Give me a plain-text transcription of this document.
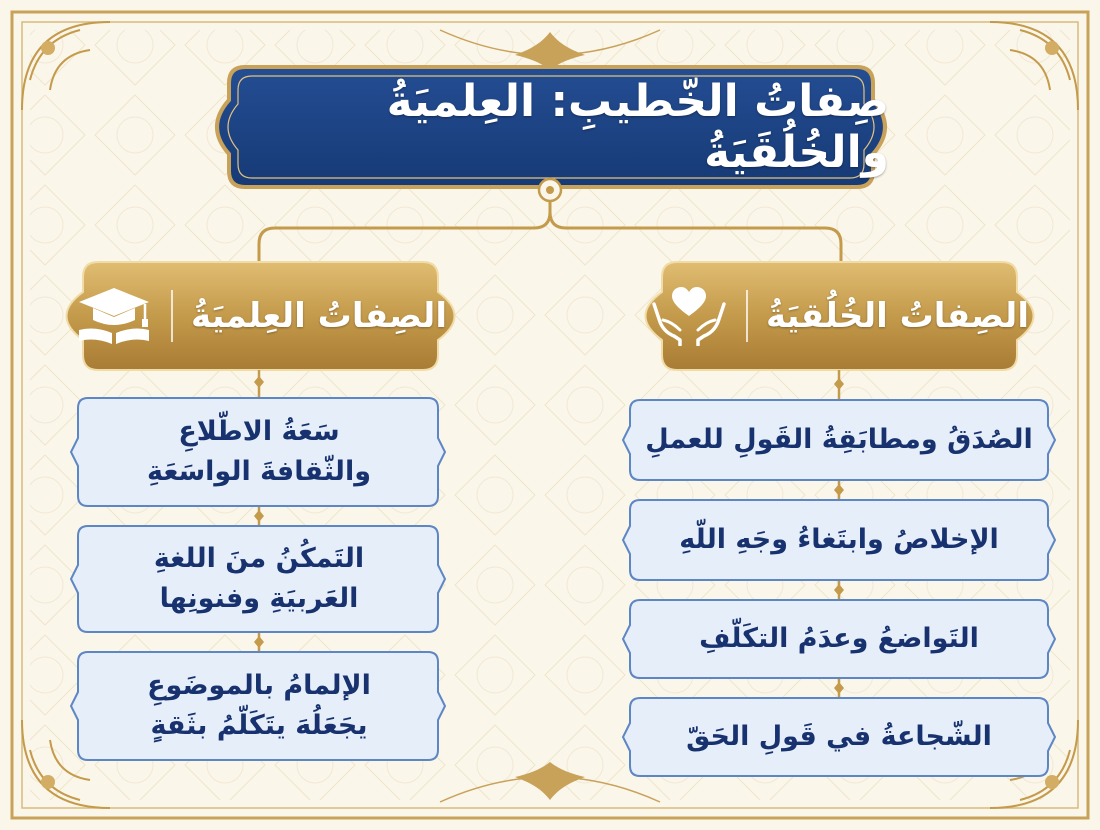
صِفاتُ الخّطيبِ: العِلميَةُ والخُلُقَيَةُ
الصِفاتُ الخُلُقيَةُ
الصِفاتُ العِلميَةُ
الصُدَقُ ومطابَقِةُ القَولِ للعملِ
الإخلاصُ وابتَغاءُ وجَهِ اللّهِ
التَواضعُ وعدَمُ التكَلّفِ
الشّجاعةُ في قَولِ الحَقّ
سَعَةُ الاطّلاعِ والثّقافةَ الواسَعَةِ
التَمكُنُ منَ اللغةِ العَربيَةِ وفنونِها
الإلمامُ بالموضَوعِ يجَعَلُهَ يتَكَلّمُ بثَقةٍ
